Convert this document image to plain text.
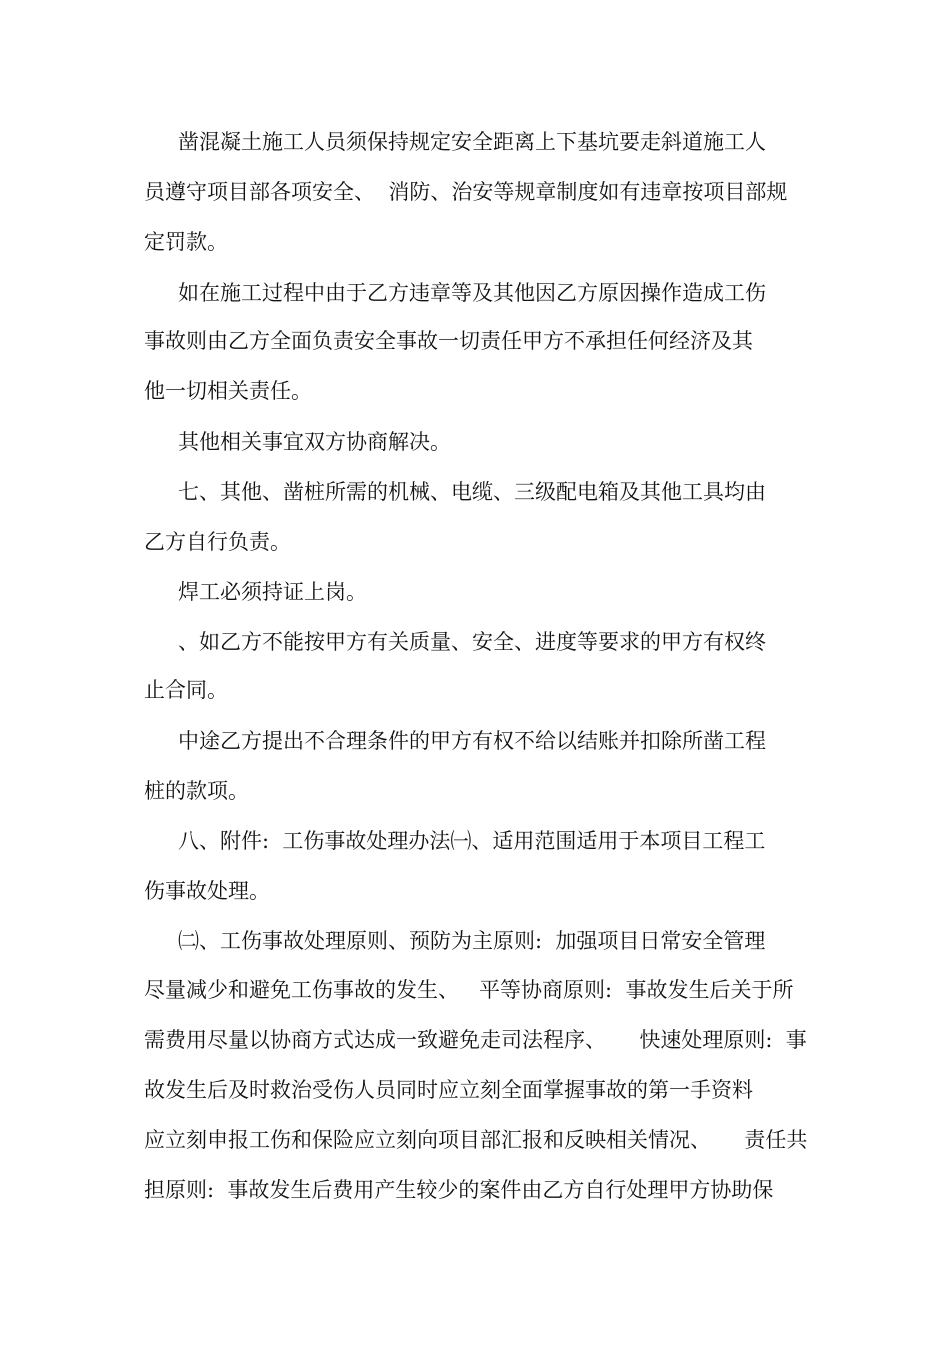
凿混凝土施工人员须保持规定安全距离上下基坑要走斜道施工人
员遵守项目部各项安全、  消防、治安等规章制度如有违章按项目部规
定罚款。
如在施工过程中由于乙方违章等及其他因乙方原因操作造成工伤
事故则由乙方全面负责安全事故一切责任甲方不承担任何经济及其
他一切相关责任。
其他相关事宜双方协商解决。
七、其他、凿桩所需的机械、电缆、三级配电箱及其他工具均由
乙方自行负责。
焊工必须持证上岗。
、如乙方不能按甲方有关质量、安全、进度等要求的甲方有权终
止合同。
中途乙方提出不合理条件的甲方有权不给以结账并扣除所凿工程
桩的款项。
八、附件:  工伤事故处理办法㈠、适用范围适用于本项目工程工
伤事故处理。
㈡、工伤事故处理原则、预防为主原则:  加强项目日常安全管理
尽量减少和避免工伤事故的发生、   平等协商原则:  事故发生后关于所
需费用尽量以协商方式达成一致避免走司法程序、     快速处理原则:  事
故发生后及时救治受伤人员同时应立刻全面掌握事故的第一手资料
应立刻申报工伤和保险应立刻向项目部汇报和反映相关情况、     责任共
担原则:  事故发生后费用产生较少的案件由乙方自行处理甲方协助保
